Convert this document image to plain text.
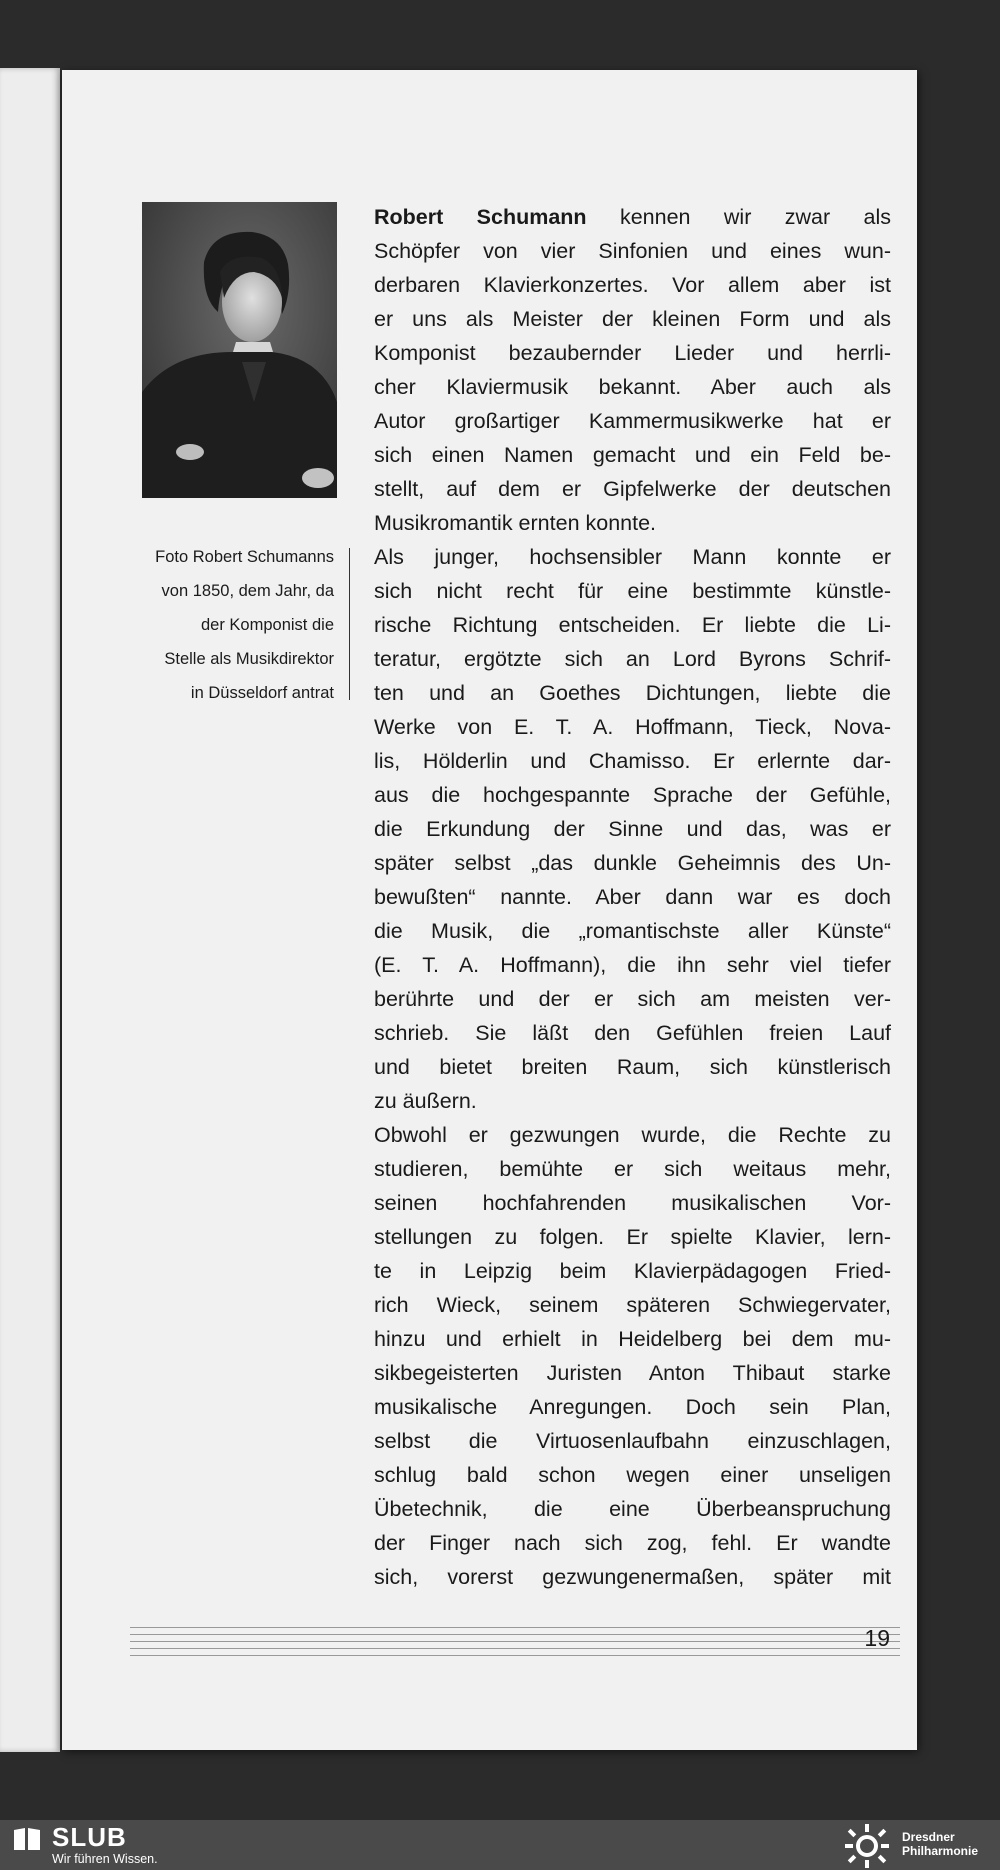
Foto Robert Schumanns
von 1850, dem Jahr, da
der Komponist die
Stelle als Musikdirektor
in Düsseldorf antrat
Robert Schumann kennen wir zwar als
Schöpfer von vier Sinfonien und eines wun-
derbaren Klavierkonzertes. Vor allem aber ist
er uns als Meister der kleinen Form und als
Komponist bezaubernder Lieder und herrli-
cher Klaviermusik bekannt. Aber auch als
Autor großartiger Kammermusikwerke hat er
sich einen Namen gemacht und ein Feld be-
stellt, auf dem er Gipfelwerke der deutschen
Musikromantik ernten konnte.
Als junger, hochsensibler Mann konnte er
sich nicht recht für eine bestimmte künstle-
rische Richtung entscheiden. Er liebte die Li-
teratur, ergötzte sich an Lord Byrons Schrif-
ten und an Goethes Dichtungen, liebte die
Werke von E. T. A. Hoffmann, Tieck, Nova-
lis, Hölderlin und Chamisso. Er erlernte dar-
aus die hochgespannte Sprache der Gefühle,
die Erkundung der Sinne und das, was er
später selbst „das dunkle Geheimnis des Un-
bewußten“ nannte. Aber dann war es doch
die Musik, die „romantischste aller Künste“
(E. T. A. Hoffmann), die ihn sehr viel tiefer
berührte und der er sich am meisten ver-
schrieb. Sie läßt den Gefühlen freien Lauf
und bietet breiten Raum, sich künstlerisch
zu äußern.
Obwohl er gezwungen wurde, die Rechte zu
studieren, bemühte er sich weitaus mehr,
seinen hochfahrenden musikalischen Vor-
stellungen zu folgen. Er spielte Klavier, lern-
te in Leipzig beim Klavierpädagogen Fried-
rich Wieck, seinem späteren Schwiegervater,
hinzu und erhielt in Heidelberg bei dem mu-
sikbegeisterten Juristen Anton Thibaut starke
musikalische Anregungen. Doch sein Plan,
selbst die Virtuosenlaufbahn einzuschlagen,
schlug bald schon wegen einer unseligen
Übetechnik, die eine Überbeanspruchung
der Finger nach sich zog, fehl. Er wandte
sich, vorerst gezwungenermaßen, später mit
19
SLUB
Wir führen Wissen.
Dresdner
Philharmonie
